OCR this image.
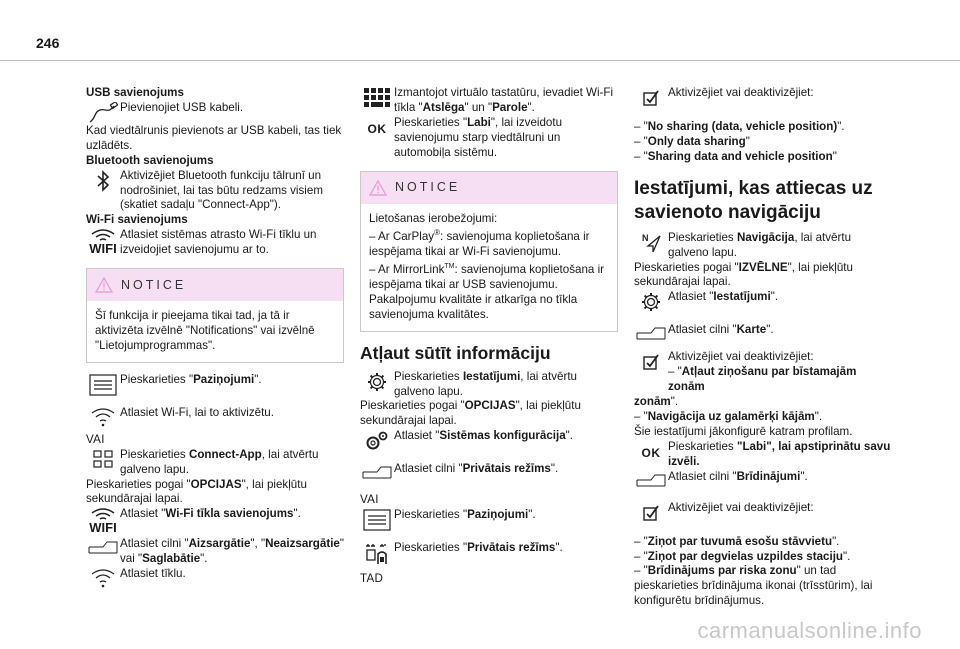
246

USB savienojums

Pievienojiet USB kabeli.

Kad viedtālrunis pievienots ar USB kabeli, tas tiek uzlādēts.

Bluetooth savienojums

Aktivizējiet Bluetooth funkciju tālrunī un nodrošiniet, lai tas būtu redzams visiem (skatiet sadaļu "Connect-App").

Wi-Fi savienojums

WIFI

Atlasiet sistēmas atrasto Wi-Fi tīklu un izveidojiet savienojumu ar to.

NOTICE

Šī funkcija ir pieejama tikai tad, ja tā ir aktivizēta izvēlnē "Notifications" vai izvēlnē "Lietojumprogrammas".

Pieskarieties "Paziņojumi".

Atlasiet Wi-Fi, lai to aktivizētu.

VAI

Pieskarieties Connect-App, lai atvērtu galveno lapu.

Pieskarieties pogai "OPCIJAS", lai piekļūtu sekundārajai lapai.

WIFI

Atlasiet "Wi-Fi tīkla savienojums".

Atlasiet cilni "Aizsargātie", "Neaizsargātie" vai "Saglabātie".

Atlasiet tīklu.

Izmantojot virtuālo tastatūru, ievadiet Wi-Fi tīkla "Atslēga" un "Parole".

OK Pieskarieties "Labi", lai izveidotu savienojumu starp viedtālruni un automobiļa sistēmu.

NOTICE

Lietošanas ierobežojumi:

– Ar CarPlay®: savienojuma koplietošana ir iespējama tikai ar Wi-Fi savienojumu.

– Ar MirrorLink™: savienojuma koplietošana ir iespējama tikai ar USB savienojumu.

Pakalpojumu kvalitāte ir atkarīga no tīkla savienojuma kvalitātes.

Atļaut sūtīt informāciju

Pieskarieties Iestatījumi, lai atvērtu galveno lapu.

Pieskarieties pogai "OPCIJAS", lai piekļūtu sekundārajai lapai.

Atlasiet "Sistēmas konfigurācija".

Atlasiet cilni "Privātais režīms".

VAI

Pieskarieties "Paziņojumi".

Pieskarieties "Privātais režīms".

TAD

Aktivizējiet vai deaktivizējiet:

– "No sharing (data, vehicle position)".

– "Only data sharing"

– "Sharing data and vehicle position"

Iestatījumi, kas attiecas uz savienoto navigāciju
N Pieskarieties Navigācija, lai atvērtu galveno lapu.

Pieskarieties pogai "IZVĒLNE", lai piekļūtu sekundārajai lapai.

Atlasiet "Iestatījumi".

Atlasiet cilni "Karte".

Aktivizējiet vai deaktivizējiet:

– "Atļaut ziņošanu par bīstamajām zonām

zonām".

– "Navigācija uz galamērķi kājām".

Šie iestatījumi jākonfigurē katram profilam.

OK Pieskarieties "Labi", lai apstiprinātu savu izvēli.

Atlasiet cilni "Brīdinājumi".

Aktivizējiet vai deaktivizējiet:

– "Ziņot par tuvumā esošu stāvvietu".

– "Ziņot par degvielas uzpildes staciju".

– "Brīdinājums par riska zonu" un tad pieskarieties brīdinājuma ikonai (trīsstūrim), lai konfigurētu brīdinājumus.

carmanualsonline.info
